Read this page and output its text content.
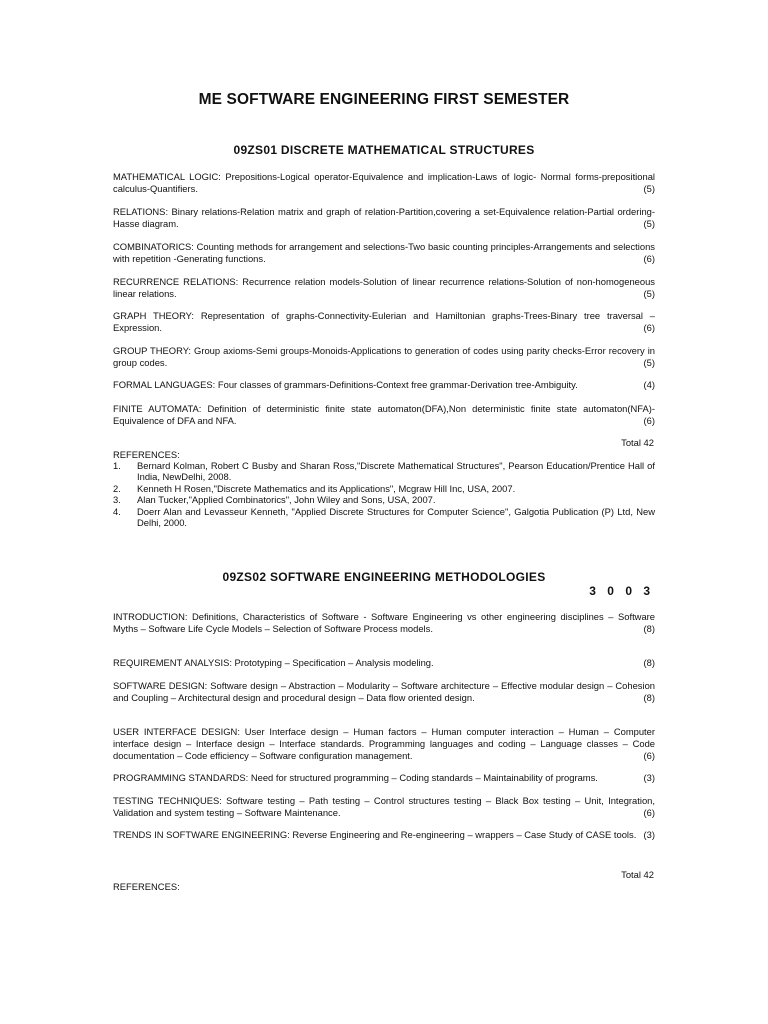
ME SOFTWARE ENGINEERING FIRST SEMESTER
09ZS01 DISCRETE MATHEMATICAL STRUCTURES
MATHEMATICAL LOGIC: Prepositions-Logical operator-Equivalence and implication-Laws of logic- Normal forms-prepositional calculus-Quantifiers.	(5)
RELATIONS: Binary relations-Relation matrix and graph of relation-Partition,covering a set-Equivalence relation-Partial ordering-Hasse diagram.	(5)
COMBINATORICS: Counting methods for arrangement and selections-Two basic counting principles-Arrangements and selections with repetition -Generating functions.	(6)
RECURRENCE RELATIONS: Recurrence relation models-Solution of linear recurrence relations-Solution of non-homogeneous linear relations.	(5)
GRAPH THEORY: Representation of graphs-Connectivity-Eulerian and Hamiltonian graphs-Trees-Binary tree traversal – Expression.	(6)
GROUP THEORY: Group axioms-Semi groups-Monoids-Applications to generation of codes using parity checks-Error recovery in group codes.	(5)
FORMAL LANGUAGES: Four classes of grammars-Definitions-Context free grammar-Derivation tree-Ambiguity.	(4)
FINITE AUTOMATA: Definition of deterministic finite state automaton(DFA),Non deterministic finite state automaton(NFA)- Equivalence of DFA and NFA.	(6)
Total 42
REFERENCES:
1.	Bernard Kolman, Robert C Busby and Sharan Ross,"Discrete Mathematical Structures", Pearson Education/Prentice Hall of India, NewDelhi, 2008.
2.	Kenneth H Rosen,"Discrete Mathematics and its Applications", Mcgraw Hill Inc, USA, 2007.
3.	Alan Tucker,"Applied Combinatorics", John Wiley and Sons, USA, 2007.
4.	Doerr Alan and Levasseur Kenneth, "Applied Discrete Structures for Computer Science", Galgotia Publication (P) Ltd, New Delhi, 2000.
09ZS02 SOFTWARE ENGINEERING METHODOLOGIES
3 0 0 3
INTRODUCTION: Definitions, Characteristics of Software - Software Engineering vs other engineering disciplines – Software Myths – Software Life Cycle Models – Selection of Software Process models.	(8)
REQUIREMENT ANALYSIS: Prototyping – Specification – Analysis modeling.	(8)
SOFTWARE DESIGN: Software design – Abstraction – Modularity – Software architecture – Effective modular design – Cohesion and Coupling – Architectural design and procedural design – Data flow oriented design.	(8)
USER INTERFACE DESIGN: User Interface design – Human factors – Human computer interaction – Human – Computer interface design – Interface design – Interface standards. Programming languages and coding – Language classes – Code documentation – Code efficiency – Software configuration management.	(6)
PROGRAMMING STANDARDS: Need for structured programming – Coding standards – Maintainability of programs.	(3)
TESTING TECHNIQUES: Software testing – Path testing – Control structures testing – Black Box testing – Unit, Integration, Validation and system testing – Software Maintenance.	(6)
TRENDS IN SOFTWARE ENGINEERING: Reverse Engineering and Re-engineering – wrappers – Case Study of CASE tools. (3)
Total 42
REFERENCES:
